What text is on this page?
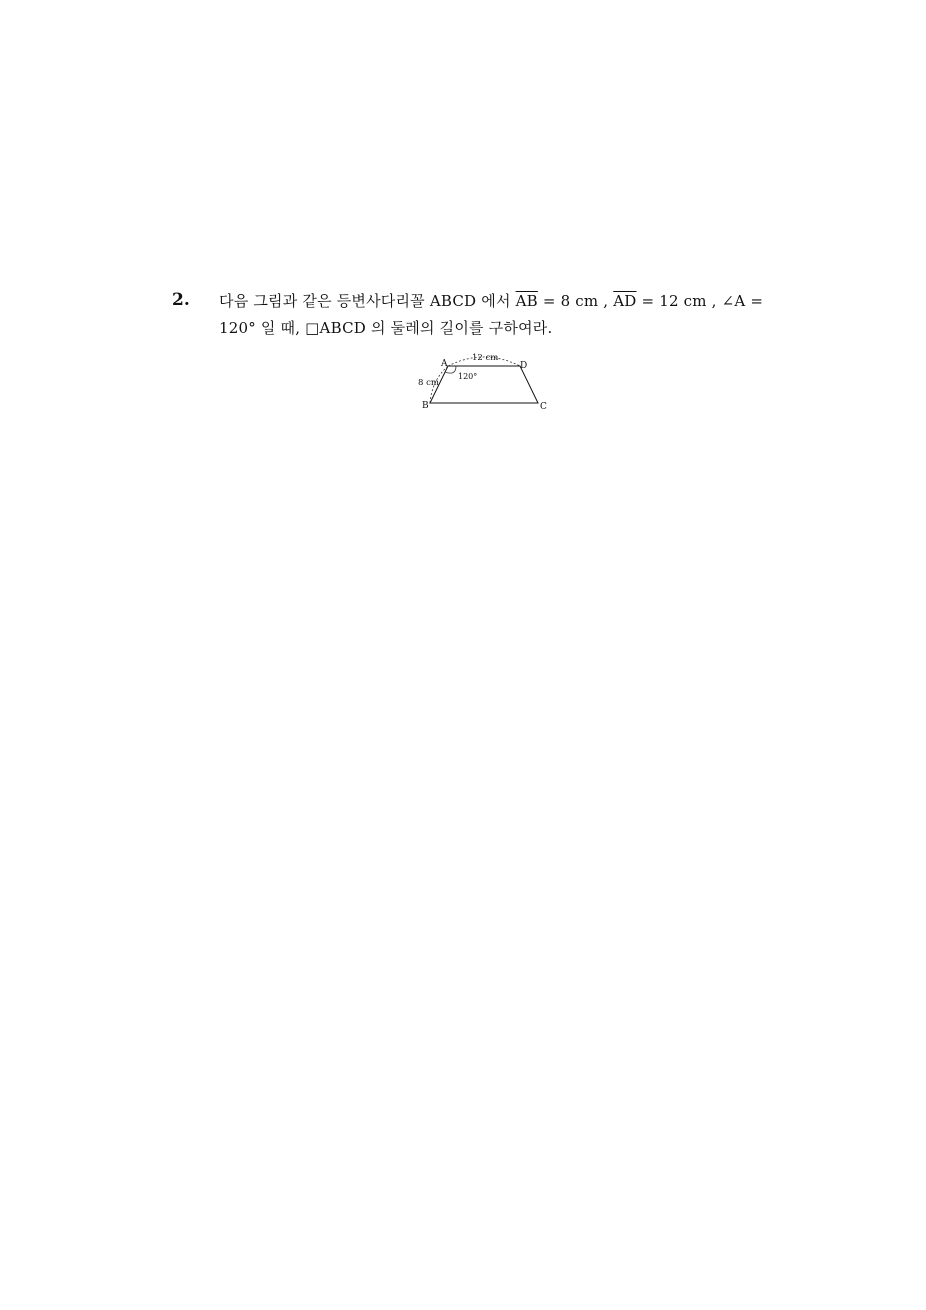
2. 다음 그림과 같은 등변사다리꼴 ABCD 에서 $\overline{AB} = 8$ cm , $\overline{AD} = 12$ cm , ∠A =
120° 일 때, □ABCD 의 둘레의 길이를 구하여라.
A
B	C
D
8 cm
12 cm
120°
